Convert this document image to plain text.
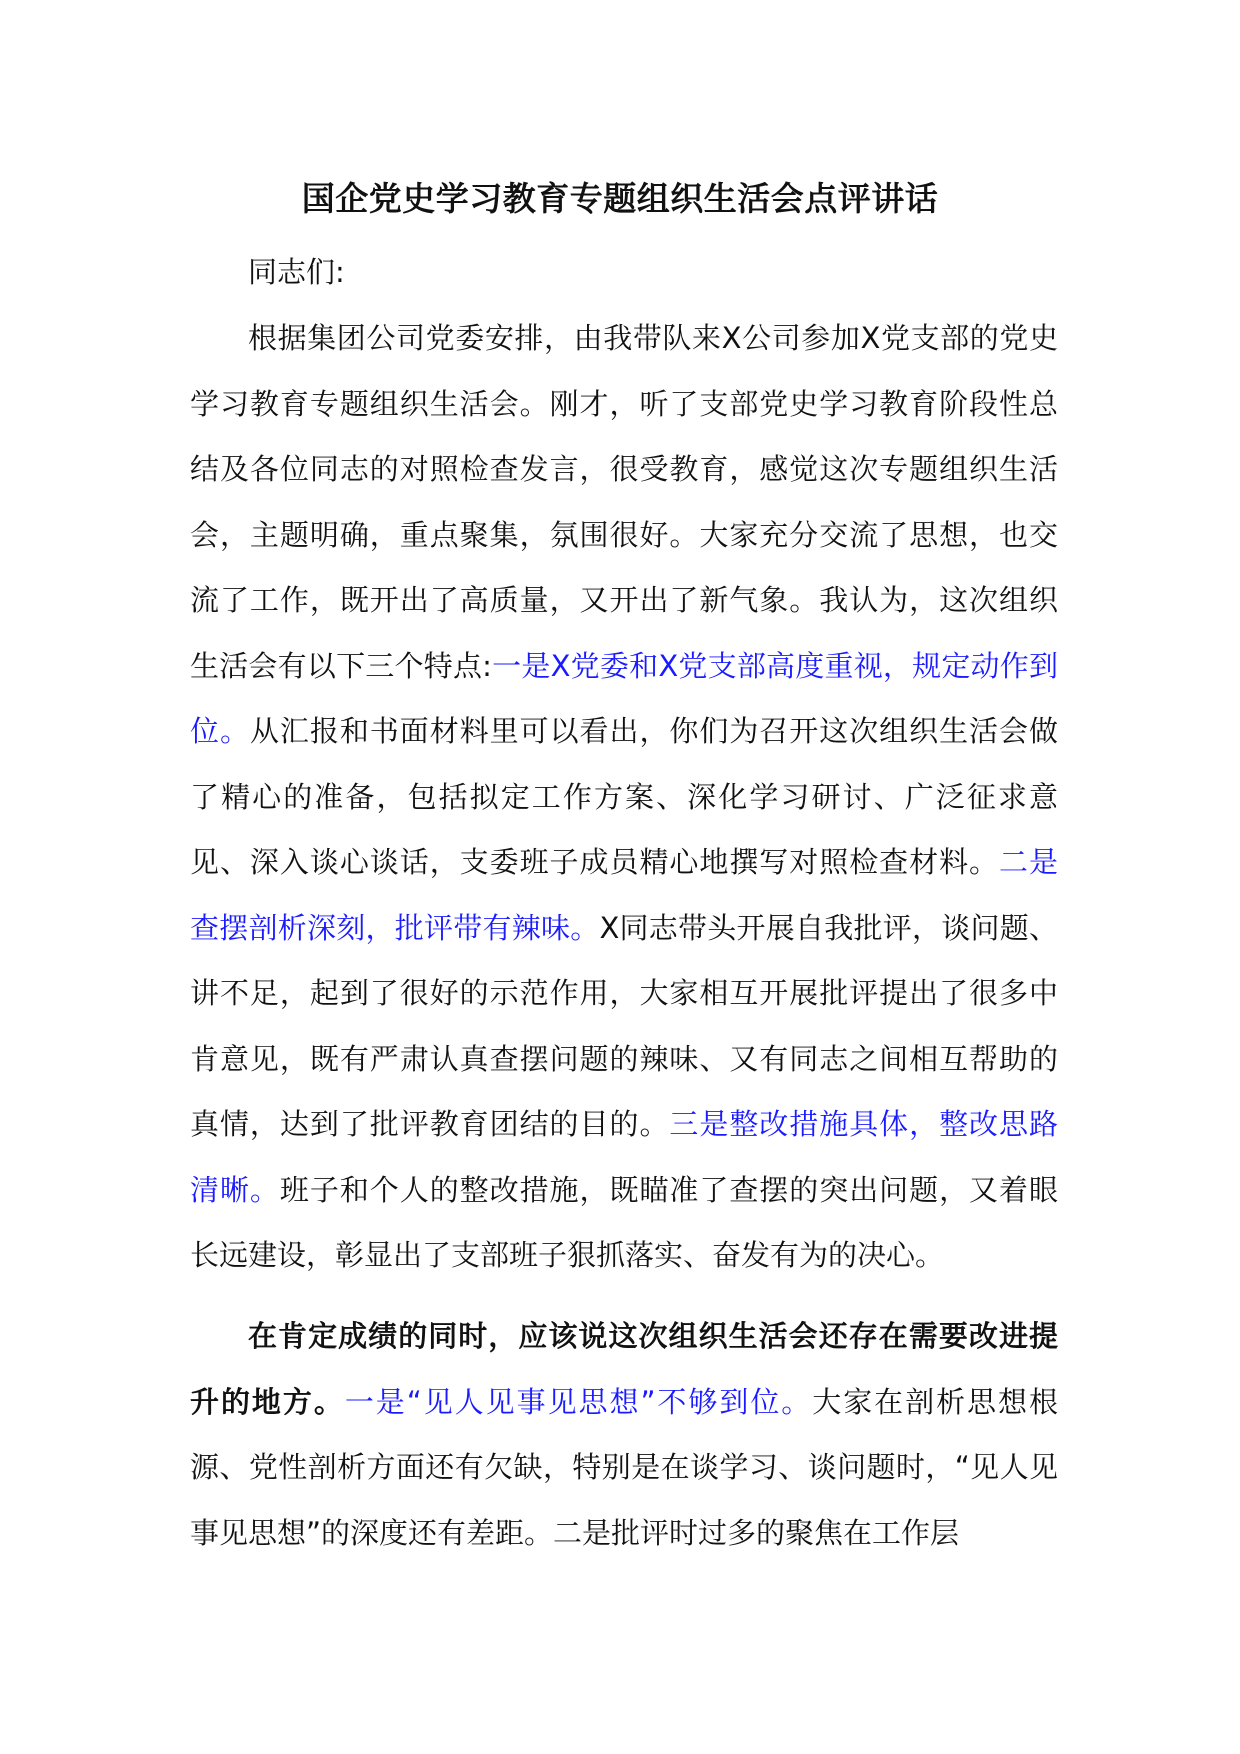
国企党史学习教育专题组织生活会点评讲话

同志们:

根据集团公司党委安排，由我带队来X公司参加X党支部的党史学习教育专题组织生活会。刚才，听了支部党史学习教育阶段性总结及各位同志的对照检查发言，很受教育，感觉这次专题组织生活会，主题明确，重点聚集，氛围很好。大家充分交流了思想，也交流了工作，既开出了高质量，又开出了新气象。我认为，这次组织生活会有以下三个特点:一是X党委和X党支部高度重视，规定动作到位。从汇报和书面材料里可以看出，你们为召开这次组织生活会做了精心的准备，包括拟定工作方案、深化学习研讨、广泛征求意见、深入谈心谈话，支委班子成员精心地撰写对照检查材料。二是查摆剖析深刻，批评带有辣味。X同志带头开展自我批评，谈问题、讲不足，起到了很好的示范作用，大家相互开展批评提出了很多中肯意见，既有严肃认真查摆问题的辣味、又有同志之间相互帮助的真情，达到了批评教育团结的目的。三是整改措施具体，整改思路清晰。班子和个人的整改措施，既瞄准了查摆的突出问题，又着眼长远建设，彰显出了支部班子狠抓落实、奋发有为的决心。

在肯定成绩的同时，应该说这次组织生活会还存在需要改进提升的地方。一是“见人见事见思想”不够到位。大家在剖析思想根源、党性剖析方面还有欠缺，特别是在谈学习、谈问题时，“见人见事见思想”的深度还有差距。二是批评时过多的聚焦在工作层
